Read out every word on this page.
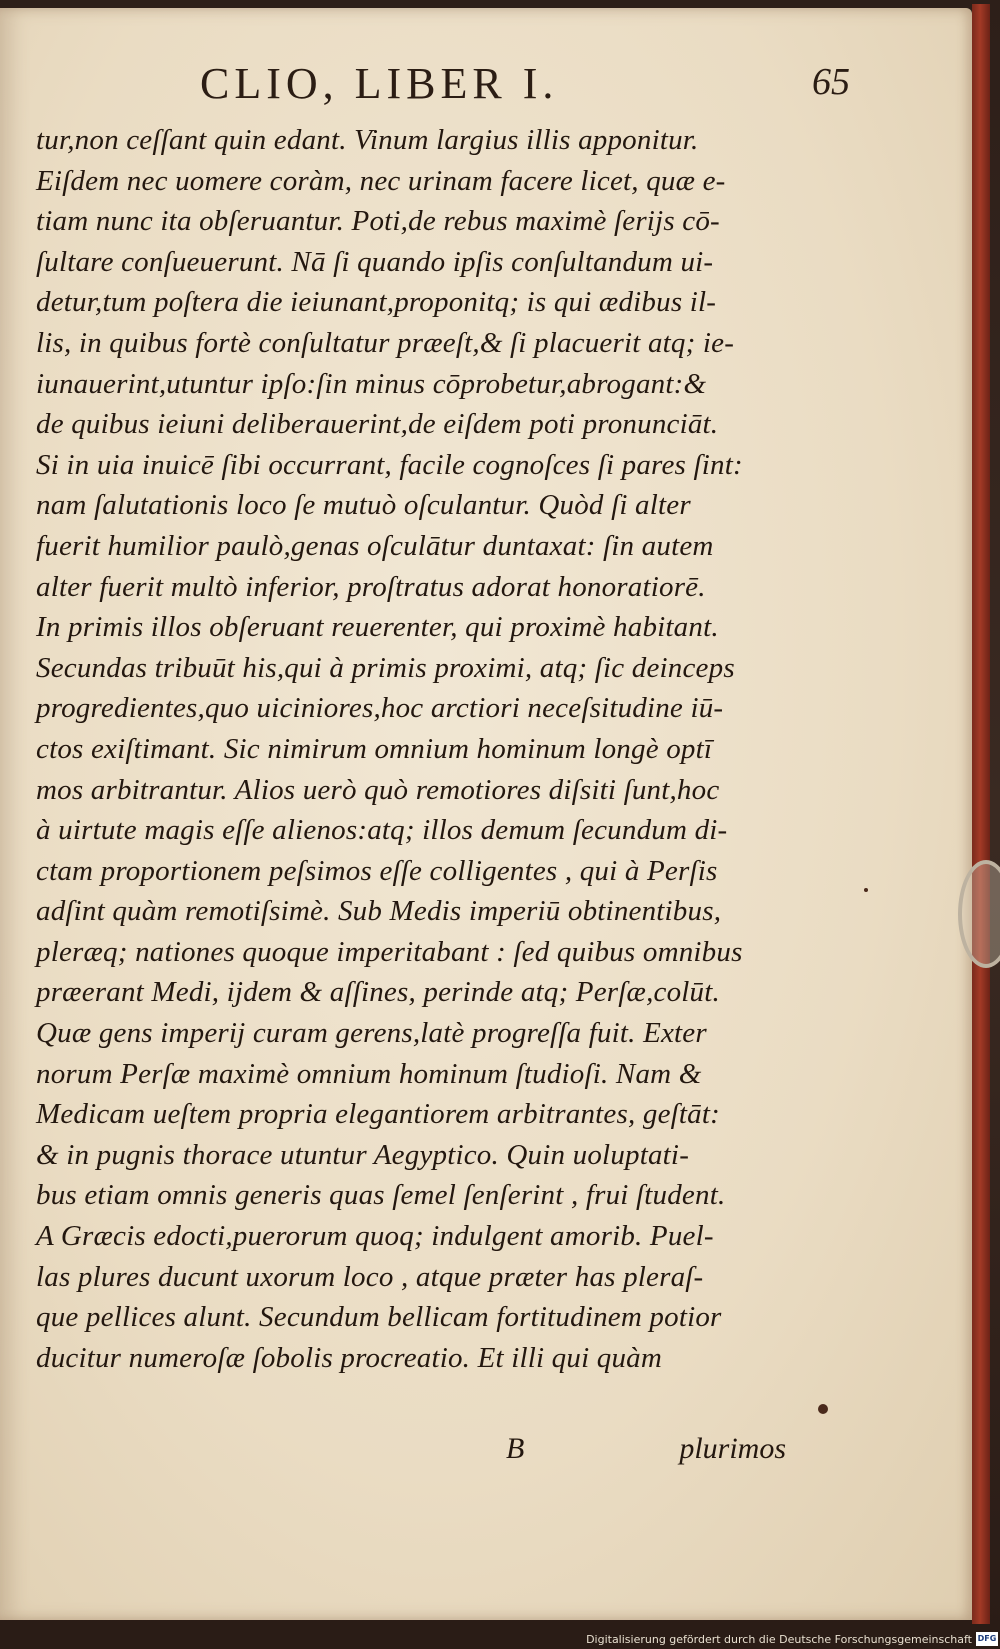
CLIO, LIBER I.	65
tur,non ceſſant quin edant. Vinum largius illis apponitur.
Eiſdem nec uomere coràm, nec urinam facere licet, quæ e-
tiam nunc ita obſeruantur. Poti,de rebus maximè ſerijs cō-
ſultare conſueuerunt. Nā ſi quando ipſis conſultandum ui-
detur,tum poſtera die ieiunant,proponitq; is qui ædibus il-
lis, in quibus fortè conſultatur præeſt,& ſi placuerit atq; ie-
iunauerint,utuntur ipſo:ſin minus cōprobetur,abrogant:&
de quibus ieiuni deliberauerint,de eiſdem poti pronunciāt.
Si in uia inuicē ſibi occurrant, facile cognoſces ſi pares ſint:
nam ſalutationis loco ſe mutuò oſculantur. Quòd ſi alter
fuerit humilior paulò,genas oſculātur duntaxat: ſin autem
alter fuerit multò inferior, proſtratus adorat honoratiorē.
In primis illos obſeruant reuerenter, qui proximè habitant.
Secundas tribuūt his,qui à primis proximi, atq; ſic deinceps
progredientes,quo uiciniores,hoc arctiori neceſsitudine iū-
ctos exiſtimant. Sic nimirum omnium hominum longè optī
mos arbitrantur. Alios uerò quò remotiores diſsiti ſunt,hoc
à uirtute magis eſſe alienos:atq; illos demum ſecundum di-
ctam proportionem peſsimos eſſe colligentes , qui à Perſis
adſint quàm remotiſsimè. Sub Medis imperiū obtinentibus,
pleræq; nationes quoque imperitabant : ſed quibus omnibus
præerant Medi, ijdem & aſſines, perinde atq; Perſæ,colūt.
Quæ gens imperij curam gerens,latè progreſſa fuit. Exter
norum Perſæ maximè omnium hominum ſtudioſi. Nam &
Medicam ueſtem propria elegantiorem arbitrantes, geſtāt:
& in pugnis thorace utuntur Aegyptico. Quin uoluptati-
bus etiam omnis generis quas ſemel ſenſerint , frui ſtudent.
A Græcis edocti,puerorum quoq; indulgent amorib. Puel-
las plures ducunt uxorum loco , atque præter has pleraſ-
que pellices alunt. Secundum bellicam fortitudinem potior
ducitur numeroſæ ſobolis procreatio. Et illi qui quàm
B	plurimos
Digitalisierung gefördert durch die Deutsche Forschungsgemeinschaft DFG
